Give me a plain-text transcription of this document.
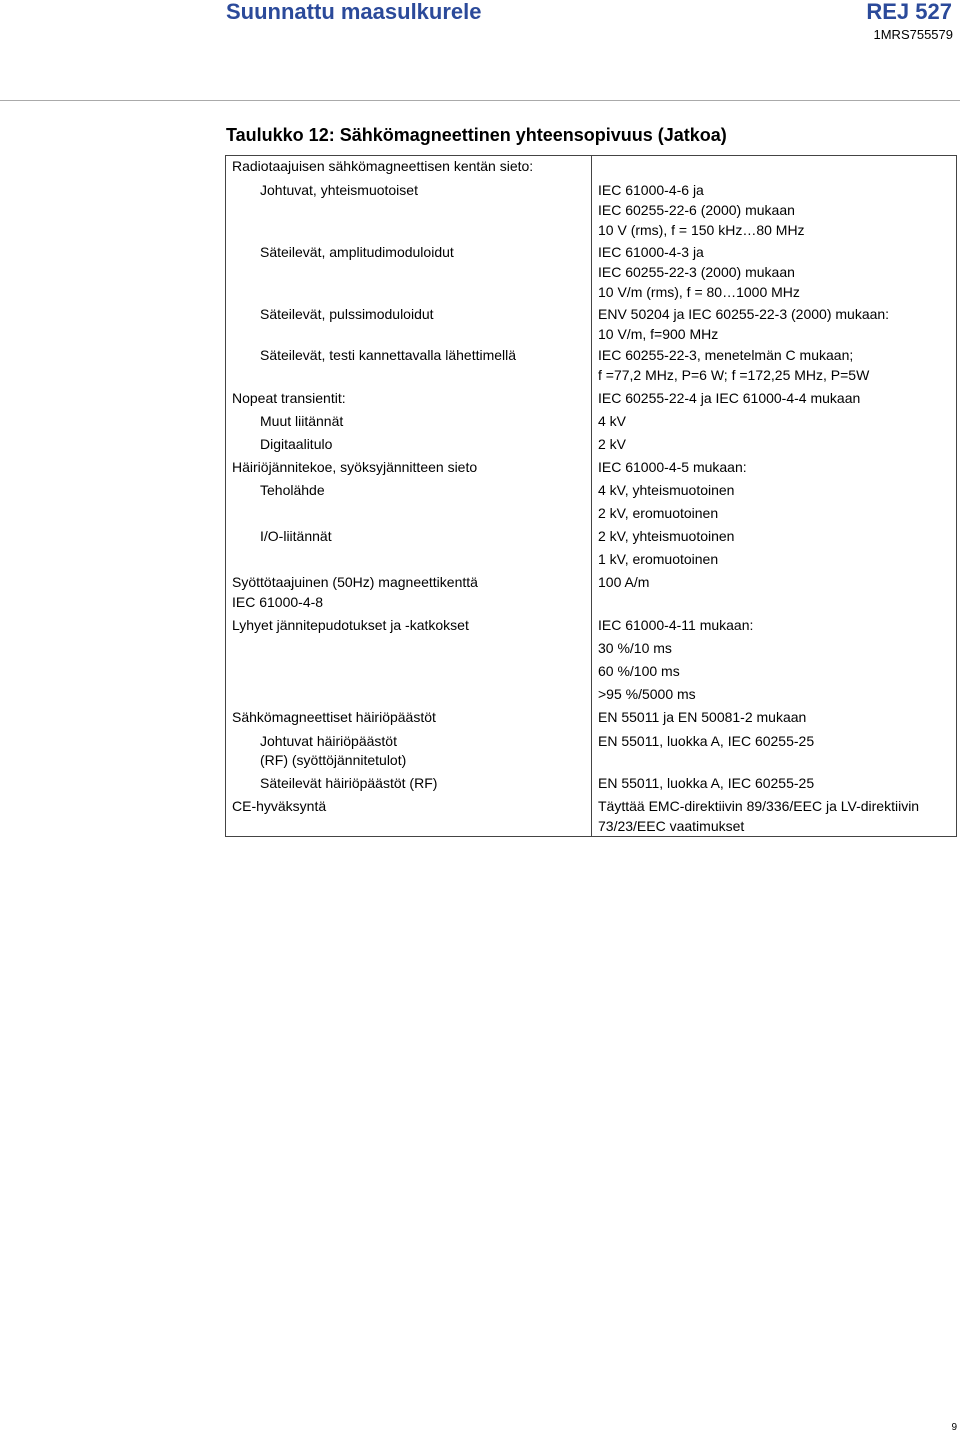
Suunnattu maasulkurele	REJ 527
1MRS755579
Taulukko 12: Sähkömagneettinen yhteensopivuus (Jatkoa)
Radiotaajuisen sähkömagneettisen kentän sieto:
Johtuvat, yhteismuotoiset
Säteilevät, amplitudimoduloidut
Säteilevät, pulssimoduloidut
Säteilevät, testi kannettavalla lähettimellä
Nopeat transientit:
Muut liitännät
Digitaalitulo
Häiriöjännitekoe, syöksyjännitteen sieto
Teholähde
I/O-liitännät
Syöttötaajuinen (50Hz) magneettikenttä
IEC 61000-4-8
Lyhyet jännitepudotukset ja -katkokset
Sähkömagneettiset häiriöpäästöt
Johtuvat häiriöpäästöt
(RF) (syöttöjännitetulot)
Säteilevät häiriöpäästöt (RF)
CE-hyväksyntä
IEC 61000-4-6 ja
IEC 60255-22-6 (2000) mukaan
10 V (rms), f = 150 kHz…80 MHz
IEC 61000-4-3 ja
IEC 60255-22-3 (2000) mukaan
10 V/m (rms), f = 80…1000 MHz
ENV 50204 ja IEC 60255-22-3 (2000) mukaan:
10 V/m, f=900 MHz
IEC 60255-22-3, menetelmän C mukaan;
f =77,2 MHz, P=6 W; f =172,25 MHz, P=5W
IEC 60255-22-4 ja IEC 61000-4-4 mukaan
4 kV
2 kV
IEC 61000-4-5 mukaan:
4 kV, yhteismuotoinen
2 kV, eromuotoinen
2 kV, yhteismuotoinen
1 kV, eromuotoinen
100 A/m
IEC 61000-4-11 mukaan:
30 %/10 ms
60 %/100 ms
>95 %/5000 ms
EN 55011 ja EN 50081-2 mukaan
EN 55011, luokka A, IEC 60255-25
EN 55011, luokka A, IEC 60255-25
Täyttää EMC-direktiivin 89/336/EEC ja LV-direktiivin
73/23/EEC vaatimukset
9
